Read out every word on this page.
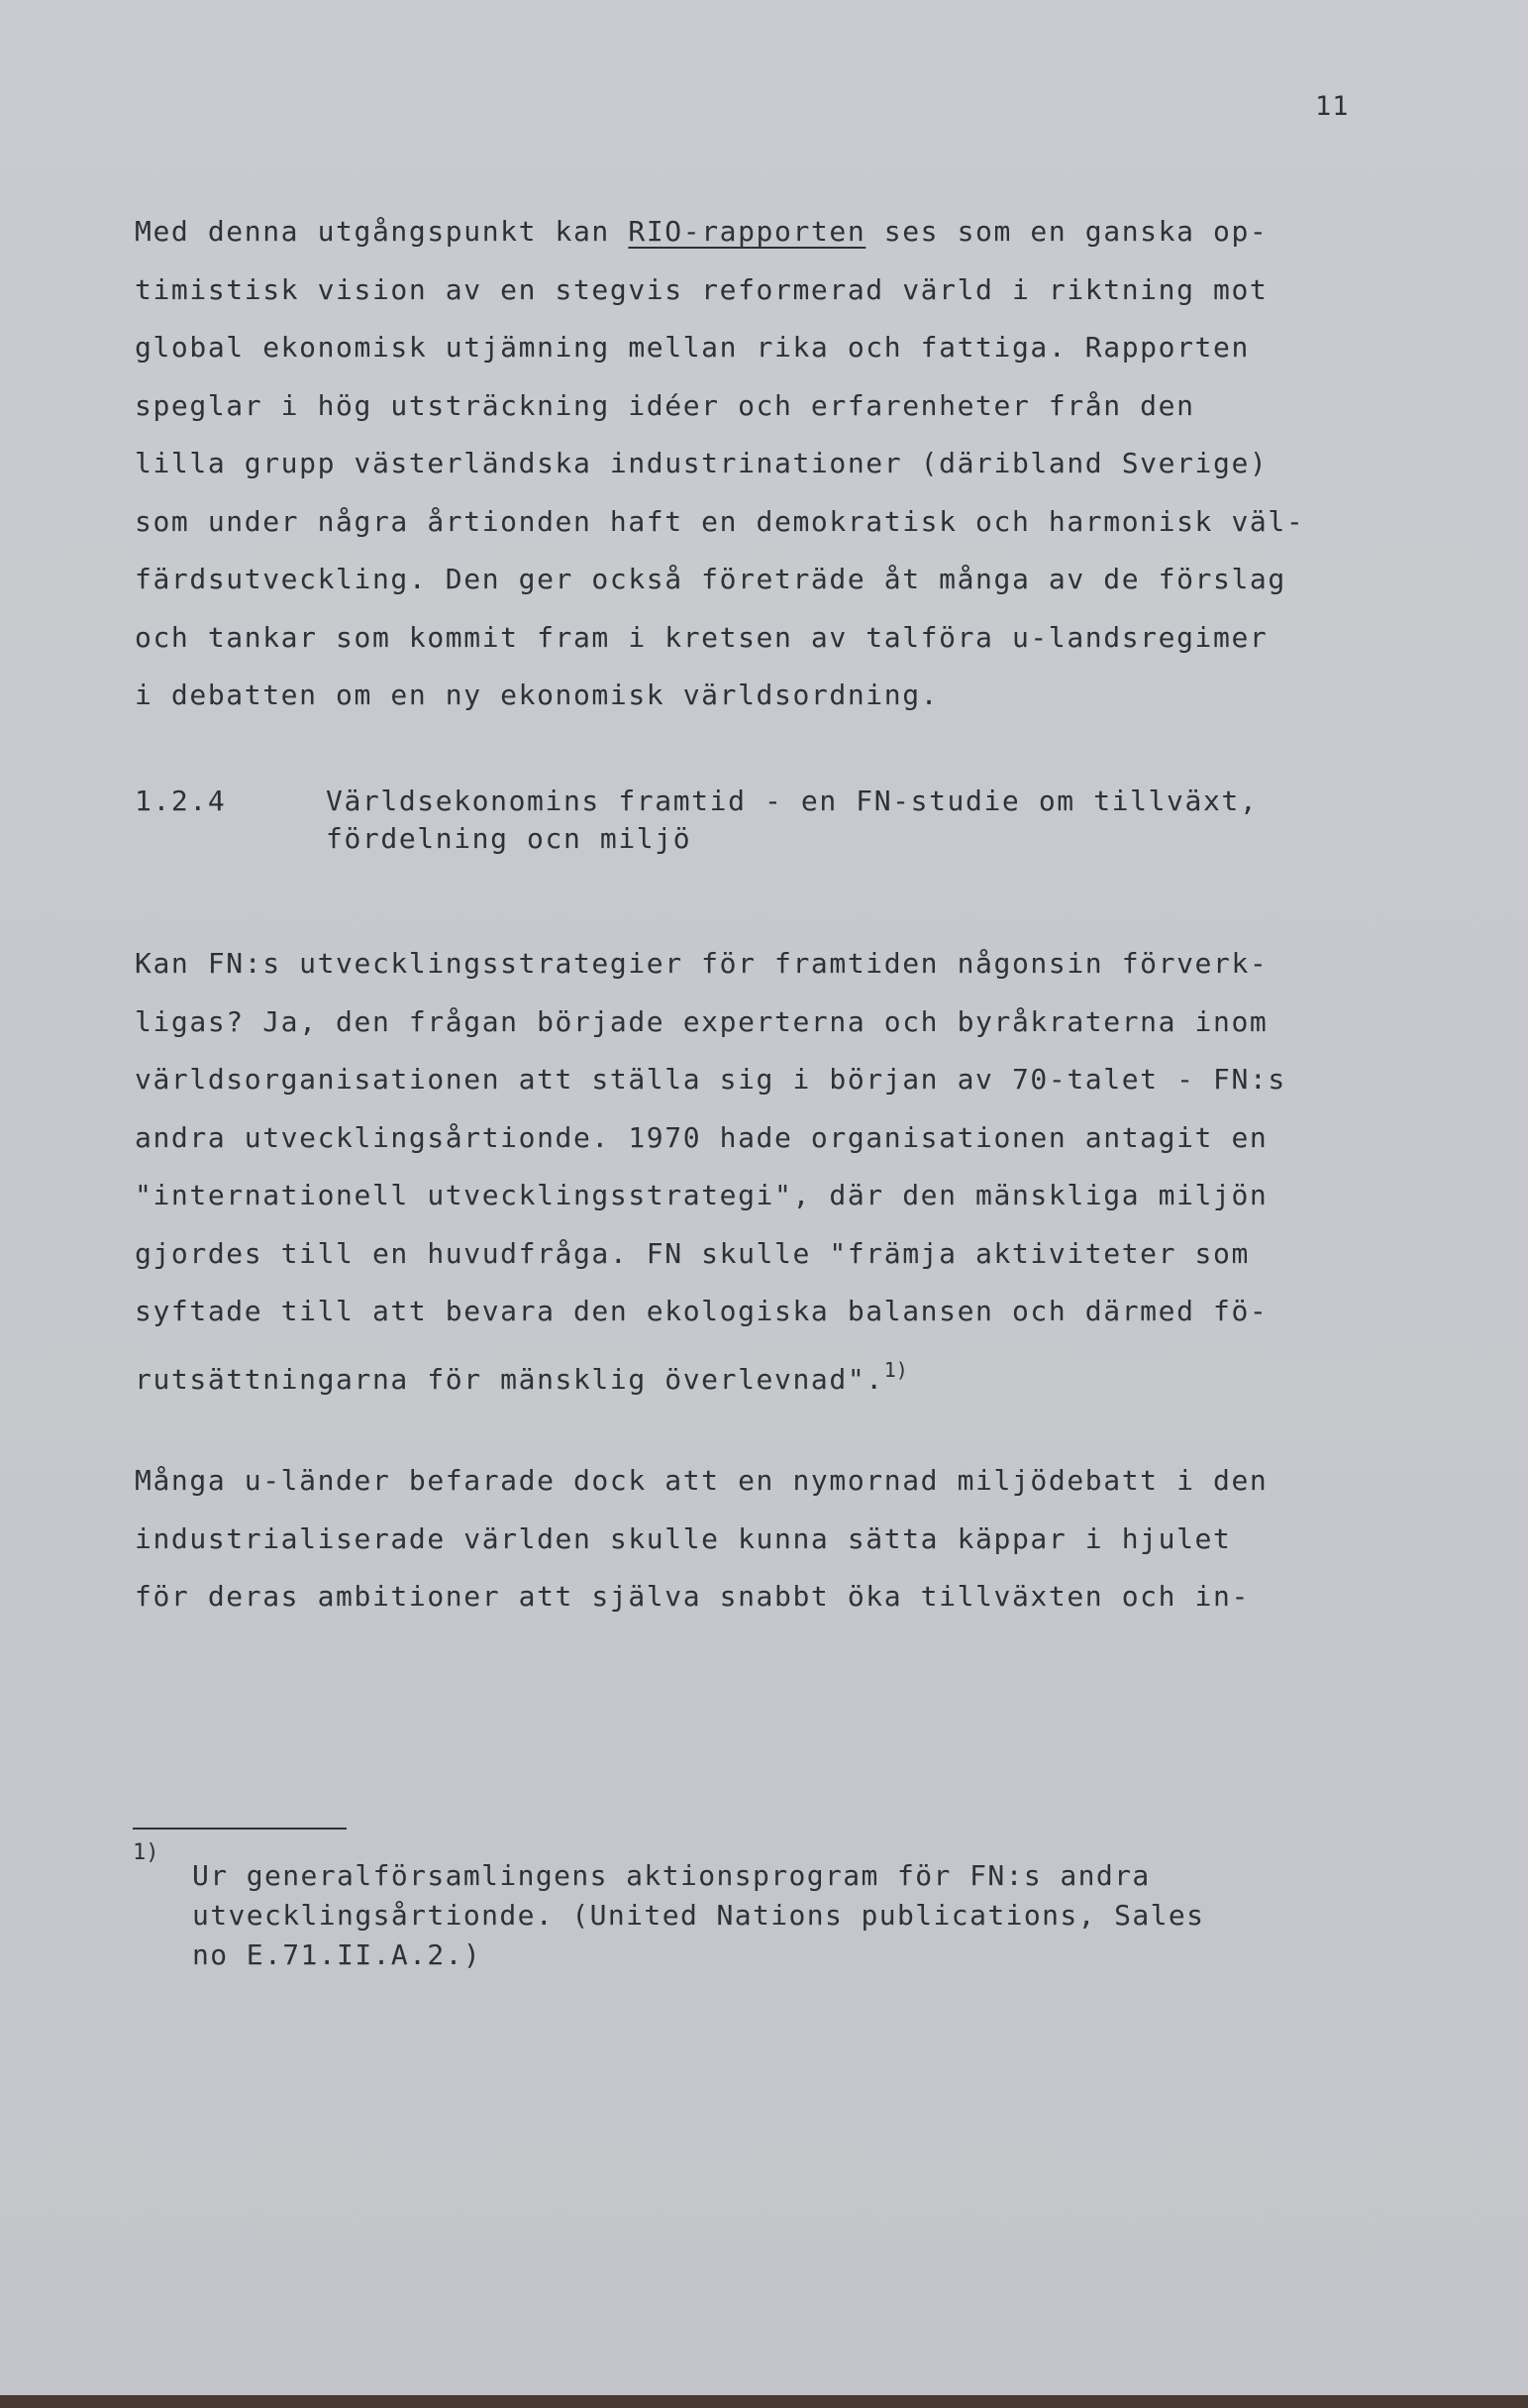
11
Med denna utgångspunkt kan RIO-rapporten ses som en ganska op-
timistisk vision av en stegvis reformerad värld i riktning mot
global ekonomisk utjämning mellan rika och fattiga. Rapporten
speglar i hög utsträckning idéer och erfarenheter från den
lilla grupp västerländska industrinationer (däribland Sverige)
som under några årtionden haft en demokratisk och harmonisk väl-
färdsutveckling. Den ger också företräde åt många av de förslag
och tankar som kommit fram i kretsen av talföra u-landsregimer
i debatten om en ny ekonomisk världsordning.
1.2.4	Världsekonomins framtid - en FN-studie om tillväxt,
fördelning ocn miljö
Kan FN:s utvecklingsstrategier för framtiden någonsin förverk-
ligas? Ja, den frågan började experterna och byråkraterna inom
världsorganisationen att ställa sig i början av 70-talet - FN:s
andra utvecklingsårtionde. 1970 hade organisationen antagit en
"internationell utvecklingsstrategi", där den mänskliga miljön
gjordes till en huvudfråga. FN skulle "främja aktiviteter som
syftade till att bevara den ekologiska balansen och därmed fö-
rutsättningarna för mänsklig överlevnad".$^{1)}$
Många u-länder befarade dock att en nymornad miljödebatt i den
industrialiserade världen skulle kunna sätta käppar i hjulet
för deras ambitioner att själva snabbt öka tillväxten och in-
1)
Ur generalförsamlingens aktionsprogram för FN:s andra
utvecklingsårtionde. (United Nations publications, Sales
no E.71.II.A.2.)
